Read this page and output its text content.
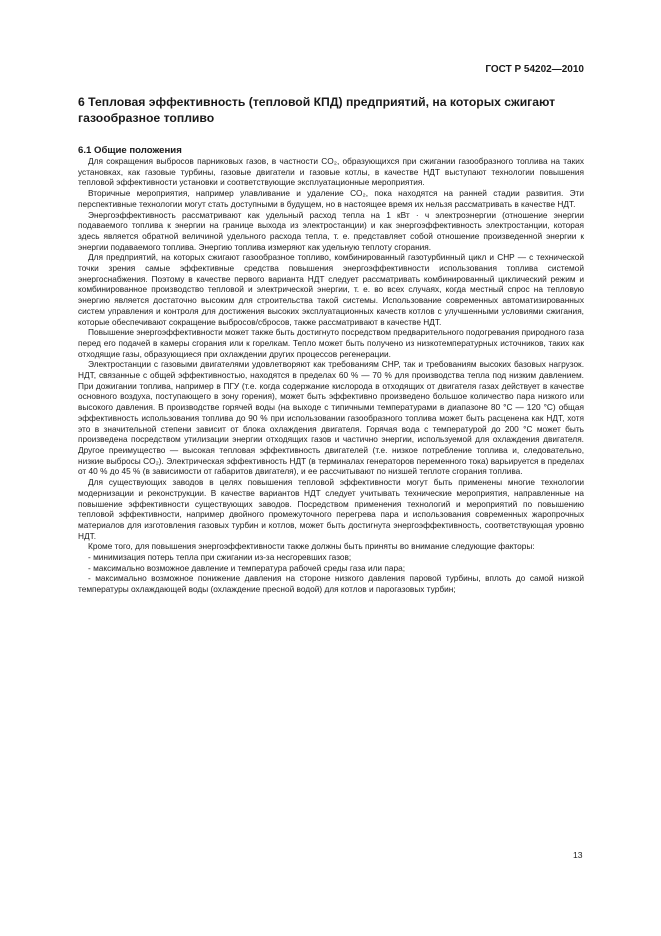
ГОСТ Р 54202—2010
6 Тепловая эффективность (тепловой КПД) предприятий, на которых сжигают газообразное топливо
6.1 Общие положения

Для сокращения выбросов парниковых газов, в частности CO₂, образующихся при сжигании газообразного топлива на таких установках, как газовые турбины, газовые двигатели и газовые котлы, в качестве НДТ выступают технологии повышения тепловой эффективности установки и соответствующие эксплуатационные мероприятия.

Вторичные мероприятия, например улавливание и удаление CO₂, пока находятся на ранней стадии развития. Эти перспективные технологии могут стать доступными в будущем, но в настоящее время их нельзя рассматривать в качестве НДТ.

Энергоэффективность рассматривают как удельный расход тепла на 1 кВт · ч электроэнергии (отношение энергии подаваемого топлива к энергии на границе выхода из электростанции) и как энергоэффективность электростанции, которая здесь является обратной величиной удельного расхода тепла, т. е. представляет собой отношение произведенной энергии к энергии подаваемого топлива. Энергию топлива измеряют как удельную теплоту сгорания.

Для предприятий, на которых сжигают газообразное топливо, комбинированный газотурбинный цикл и CHP — с технической точки зрения самые эффективные средства повышения энергоэффективности использования топлива системой энергоснабжения. Поэтому в качестве первого варианта НДТ следует рассматривать комбинированный циклический режим и комбинированное производство тепловой и электрической энергии, т. е. во всех случаях, когда местный спрос на тепловую энергию является достаточно высоким для строительства такой системы. Использование современных автоматизированных систем управления и контроля для достижения высоких эксплуатационных качеств котлов с улучшенными условиями сжигания, которые обеспечивают сокращение выбросов/сбросов, также рассматривают в качестве НДТ.

Повышение энергоэффективности может также быть достигнуто посредством предварительного подогревания природного газа перед его подачей в камеры сгорания или к горелкам. Тепло может быть получено из низкотемпературных источников, таких как отходящие газы, образующиеся при охлаждении других процессов регенерации.

Электростанции с газовыми двигателями удовлетворяют как требованиям CHP, так и требованиям высоких базовых нагрузок. НДТ, связанные с общей эффективностью, находятся в пределах 60 % — 70 % для производства тепла под низким давлением. При дожигании топлива, например в ПГУ (т.е. когда содержание кислорода в отходящих от двигателя газах действует в качестве основного воздуха, поступающего в зону горения), может быть эффективно произведено большое количество пара низкого или высокого давления. В производстве горячей воды (на выходе с типичными температурами в диапазоне 80 °С — 120 °С) общая эффективность использования топлива до 90 % при использовании газообразного топлива может быть расценена как НДТ, хотя это в значительной степени зависит от блока охлаждения двигателя. Горячая вода с температурой до 200 °С может быть произведена посредством утилизации энергии отходящих газов и частично энергии, используемой для охлаждения двигателя. Другое преимущество — высокая тепловая эффективность двигателей (т.е. низкое потребление топлива и, следовательно, низкие выбросы CO₂). Электрическая эффективность НДТ (в терминалах генераторов переменного тока) варьируется в пределах от 40 % до 45 % (в зависимости от габаритов двигателя), и ее рассчитывают по низшей теплоте сгорания топлива.

Для существующих заводов в целях повышения тепловой эффективности могут быть применены многие технологии модернизации и реконструкции. В качестве вариантов НДТ следует учитывать технические мероприятия, направленные на повышение эффективности существующих заводов. Посредством применения технологий и мероприятий по повышению тепловой эффективности, например двойного промежуточного перегрева пара и использования современных жаропрочных материалов для изготовления газовых турбин и котлов, может быть достигнута энергоэффективность, соответствующая уровню НДТ.

Кроме того, для повышения энергоэффективности также должны быть приняты во внимание следующие факторы:

- минимизация потерь тепла при сжигании из-за несгоревших газов;

- максимально возможное давление и температура рабочей среды газа или пара;

- максимально возможное понижение давления на стороне низкого давления паровой турбины, вплоть до самой низкой температуры охлаждающей воды (охлаждение пресной водой) для котлов и парогазовых турбин;

13
